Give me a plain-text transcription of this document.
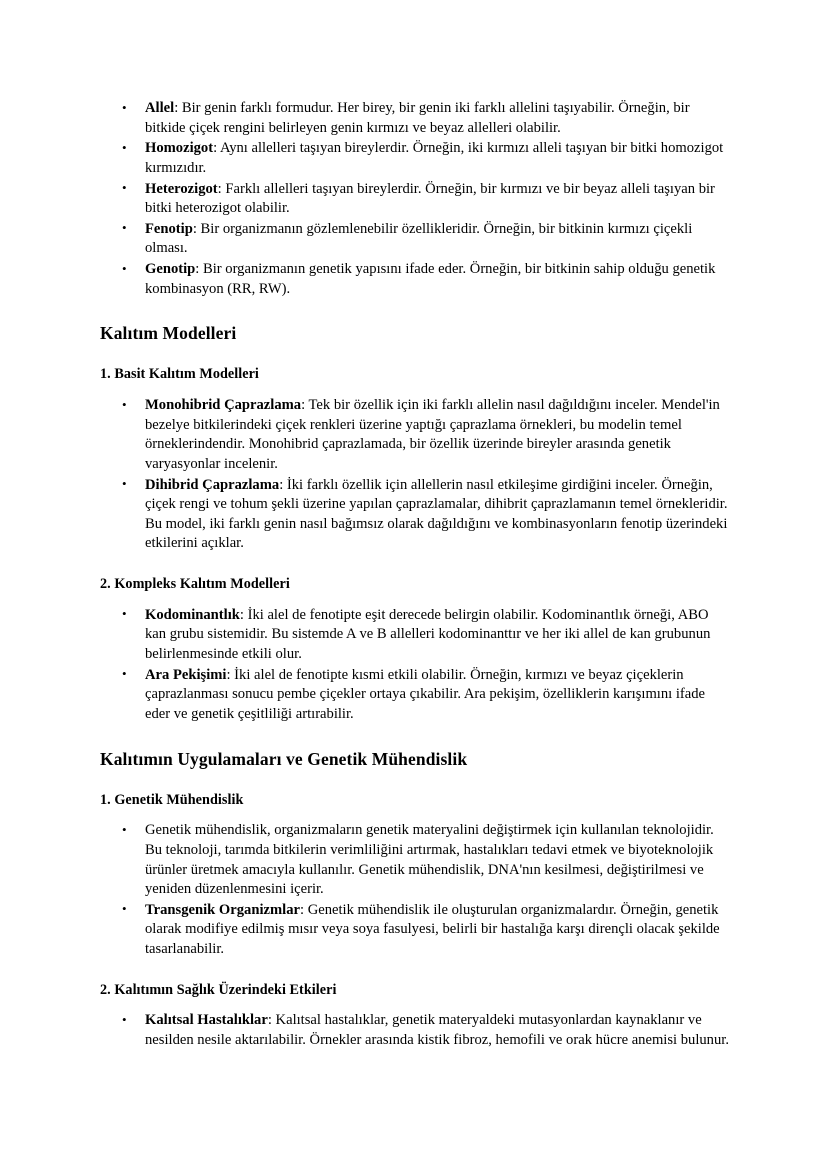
• Allel: Bir genin farklı formudur. Her birey, bir genin iki farklı allelini taşıyabilir. Örneğin, bir bitkide çiçek rengini belirleyen genin kırmızı ve beyaz allelleri olabilir.
• Homozigot: Aynı allelleri taşıyan bireylerdir. Örneğin, iki kırmızı alleli taşıyan bir bitki homozigot kırmızıdır.
• Heterozigot: Farklı allelleri taşıyan bireylerdir. Örneğin, bir kırmızı ve bir beyaz alleli taşıyan bir bitki heterozigot olabilir.
• Fenotip: Bir organizmanın gözlemlenebilir özellikleridir. Örneğin, bir bitkinin kırmızı çiçekli olması.
• Genotip: Bir organizmanın genetik yapısını ifade eder. Örneğin, bir bitkinin sahip olduğu genetik kombinasyon (RR, RW).
Kalıtım Modelleri
1. Basit Kalıtım Modelleri
• Monohibrid Çaprazlama: Tek bir özellik için iki farklı allelin nasıl dağıldığını inceler. Mendel'in bezelye bitkilerindeki çiçek renkleri üzerine yaptığı çaprazlama örnekleri, bu modelin temel örneklerindendir. Monohibrid çaprazlamada, bir özellik üzerinde bireyler arasında genetik varyasyonlar incelenir.
• Dihibrid Çaprazlama: İki farklı özellik için allellerin nasıl etkileşime girdiğini inceler. Örneğin, çiçek rengi ve tohum şekli üzerine yapılan çaprazlamalar, dihibrit çaprazlamanın temel örnekleridir. Bu model, iki farklı genin nasıl bağımsız olarak dağıldığını ve kombinasyonların fenotip üzerindeki etkilerini açıklar.
2. Kompleks Kalıtım Modelleri
• Kodominantlık: İki alel de fenotipte eşit derecede belirgin olabilir. Kodominantlık örneği, ABO kan grubu sistemidir. Bu sistemde A ve B allelleri kodominanttır ve her iki allel de kan grubunun belirlenmesinde etkili olur.
• Ara Pekişimi: İki alel de fenotipte kısmi etkili olabilir. Örneğin, kırmızı ve beyaz çiçeklerin çaprazlanması sonucu pembe çiçekler ortaya çıkabilir. Ara pekişim, özelliklerin karışımını ifade eder ve genetik çeşitliliği artırabilir.
Kalıtımın Uygulamaları ve Genetik Mühendislik
1. Genetik Mühendislik
• Genetik mühendislik, organizmaların genetik materyalini değiştirmek için kullanılan teknolojidir. Bu teknoloji, tarımda bitkilerin verimliliğini artırmak, hastalıkları tedavi etmek ve biyoteknolojik ürünler üretmek amacıyla kullanılır. Genetik mühendislik, DNA'nın kesilmesi, değiştirilmesi ve yeniden düzenlenmesini içerir.
• Transgenik Organizmlar: Genetik mühendislik ile oluşturulan organizmalardır. Örneğin, genetik olarak modifiye edilmiş mısır veya soya fasulyesi, belirli bir hastalığa karşı dirençli olacak şekilde tasarlanabilir.
2. Kalıtımın Sağlık Üzerindeki Etkileri
• Kalıtsal Hastalıklar: Kalıtsal hastalıklar, genetik materyaldeki mutasyonlardan kaynaklanır ve nesilden nesile aktarılabilir. Örnekler arasında kistik fibroz, hemofili ve orak hücre anemisi bulunur.
